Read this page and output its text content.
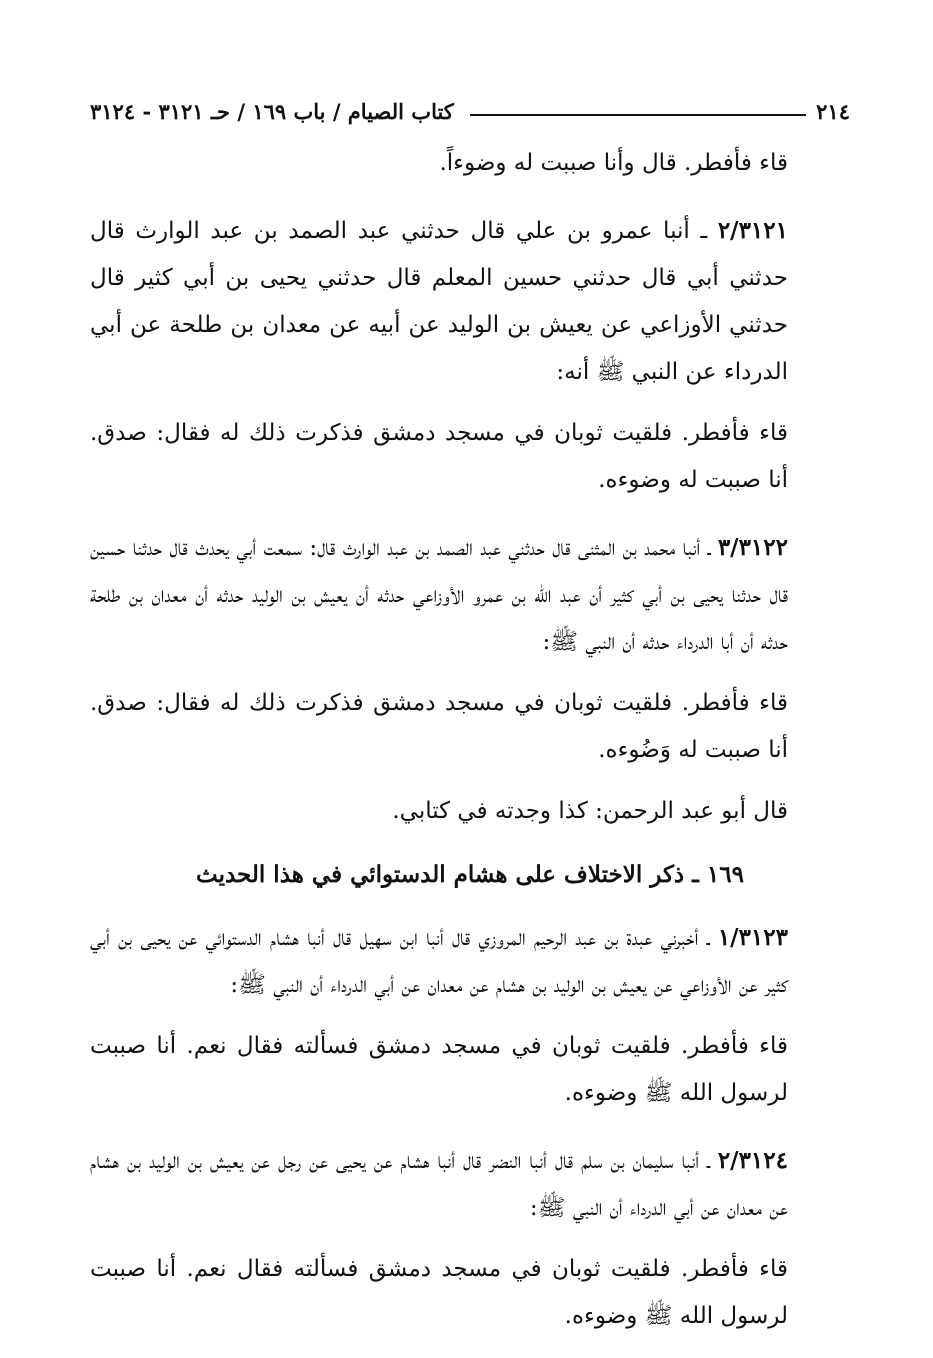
٢١٤
كتاب الصيام / باب ١٦٩ / حـ ٣١٢١ - ٣١٢٤

قاء فأفطر. قال وأنا صببت له وضوءاً.

٢/٣١٢١ ـ أنبا عمرو بن علي قال حدثني عبد الصمد بن عبد الوارث قال حدثني أبي قال حدثني حسين المعلم قال حدثني يحيى بن أبي كثير قال حدثني الأوزاعي عن يعيش بن الوليد عن أبيه عن معدان بن طلحة عن أبي الدرداء عن النبي ﷺ أنه:

قاء فأفطر. فلقيت ثوبان في مسجد دمشق فذكرت ذلك له فقال: صدق. أنا صببت له وضوءه.

٣/٣١٢٢ ـ أنبا محمد بن المثنى قال حدثني عبد الصمد بن عبد الوارث قال: سمعت أبي يحدث قال حدثنا حسين قال حدثنا يحيى بن أبي كثير أن عبد الله بن عمرو الأوزاعي حدثه أن يعيش بن الوليد حدثه أن معدان بن طلحة حدثه أن أبا الدرداء حدثه أن النبي ﷺ:

قاء فأفطر. فلقيت ثوبان في مسجد دمشق فذكرت ذلك له فقال: صدق. أنا صببت له وَضُوءه.

قال أبو عبد الرحمن: كذا وجدته في كتابي.

١٦٩ ـ ذكر الاختلاف على هشام الدستوائي في هذا الحديث

١/٣١٢٣ ـ أخبرني عبدة بن عبد الرحيم المروزي قال أنبا ابن سهيل قال أنبا هشام الدستوائي عن يحيى بن أبي كثير عن الأوزاعي عن يعيش بن الوليد بن هشام عن معدان عن أبي الدرداء أن النبي ﷺ:

قاء فأفطر. فلقيت ثوبان في مسجد دمشق فسألته فقال نعم. أنا صببت لرسول الله ﷺ وضوءه.

٢/٣١٢٤ ـ أنبا سليمان بن سلم قال أنبا النضر قال أنبا هشام عن يحيى عن رجل عن يعيش بن الوليد بن هشام عن معدان عن أبي الدرداء أن النبي ﷺ:

قاء فأفطر. فلقيت ثوبان في مسجد دمشق فسألته فقال نعم. أنا صببت لرسول الله ﷺ وضوءه.
